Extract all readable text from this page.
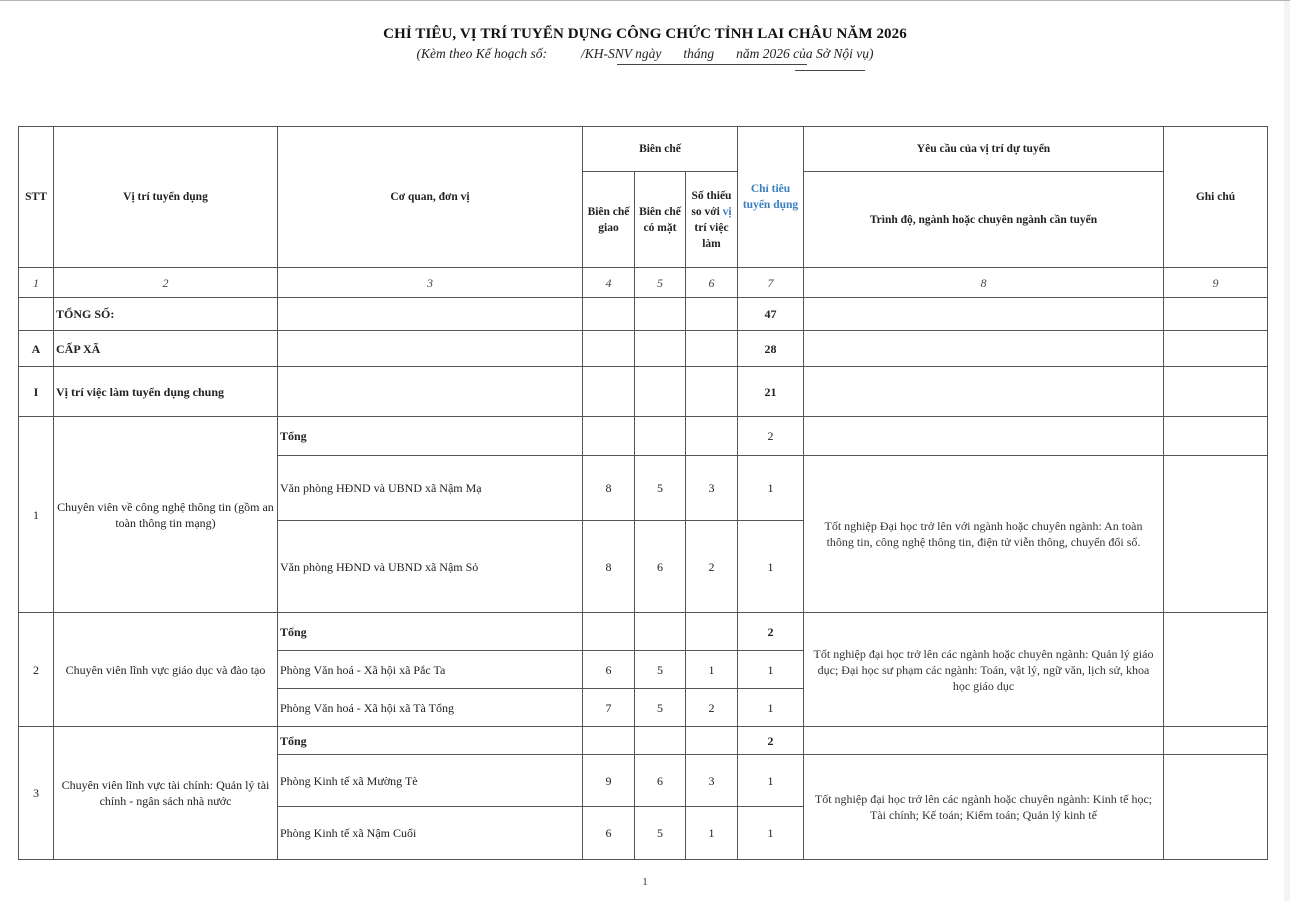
CHỈ TIÊU, VỊ TRÍ TUYỂN DỤNG CÔNG CHỨC TỈNH LAI CHÂU NĂM 2026
(Kèm theo Kế hoạch số:	/KH-SNV ngày tháng năm 2026 của Sở Nội vụ)
STT	Vị trí tuyển dụng	Cơ quan, đơn vị	Biên chế			Chỉ tiêu tuyển dụng	Yêu cầu của vị trí dự tuyển	Ghi chú
			Biên chế giao	Biên chế có mặt	Số thiếu so với vị trí việc làm		Trình độ, ngành hoặc chuyên ngành cần tuyển	
1	2	3	4	5	6	7	8	9
	TỔNG SỐ:					47		
A	CẤP XÃ					28		
I	Vị trí việc làm tuyển dụng chung					21		
1	Chuyên viên về công nghệ thông tin (gồm an toàn thông tin mạng)	Tổng				2		
		Văn phòng HĐND và UBND xã Nậm Mạ	8	5	3	1	Tốt nghiệp Đại học trở lên với ngành hoặc chuyên ngành: An toàn thông tin, công nghệ thông tin, điện tử viễn thông, chuyển đổi số.	
		Văn phòng HĐND và UBND xã Nậm Sỏ	8	6	2	1		
2	Chuyên viên lĩnh vực giáo dục và đào tạo	Tổng				2	Tốt nghiệp đại học trở lên các ngành hoặc chuyên ngành: Quản lý giáo dục; Đại học sư phạm các ngành: Toán, vật lý, ngữ văn, lịch sử, khoa học giáo dục	
		Phòng Văn hoá - Xã hội xã Pắc Ta	6	5	1	1		
		Phòng Văn hoá - Xã hội xã Tà Tổng	7	5	2	1		
3	Chuyên viên lĩnh vực tài chính: Quản lý tài chính - ngân sách nhà nước	Tổng				2		
		Phòng Kinh tế xã Mường Tè	9	6	3	1	Tốt nghiệp đại học trở lên các ngành hoặc chuyên ngành: Kinh tế học; Tài chính; Kế toán; Kiểm toán; Quản lý kinh tế	
		Phòng Kinh tế xã Nậm Cuổi	6	5	1	1		
1
